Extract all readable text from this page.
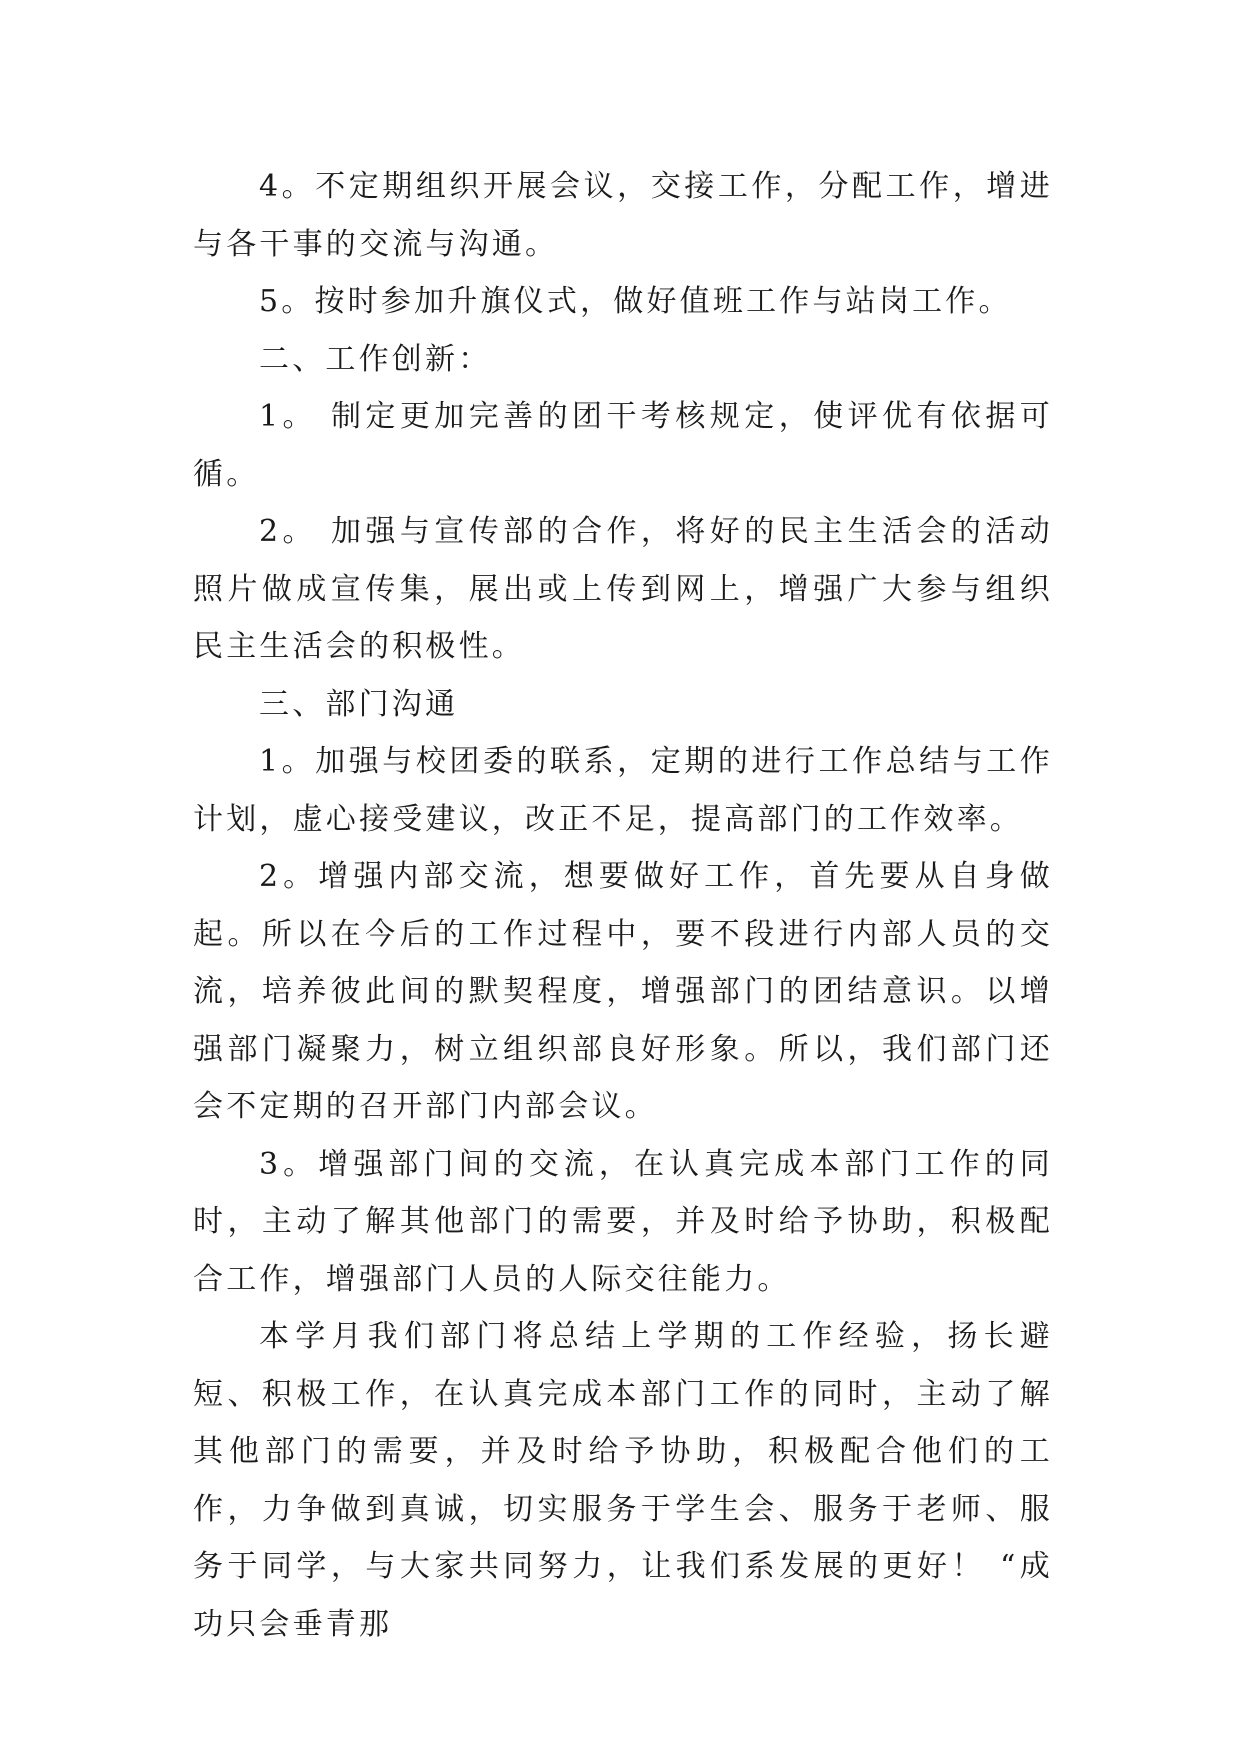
4。不定期组织开展会议，交接工作，分配工作，增进与各干事的交流与沟通。

5。按时参加升旗仪式，做好值班工作与站岗工作。

二、工作创新：

1。 制定更加完善的团干考核规定，使评优有依据可循。

2。 加强与宣传部的合作，将好的民主生活会的活动照片做成宣传集，展出或上传到网上，增强广大参与组织民主生活会的积极性。

三、部门沟通

1。加强与校团委的联系，定期的进行工作总结与工作计划，虚心接受建议，改正不足，提高部门的工作效率。

2。增强内部交流，想要做好工作，首先要从自身做起。所以在今后的工作过程中，要不段进行内部人员的交流，培养彼此间的默契程度，增强部门的团结意识。以增强部门凝聚力，树立组织部良好形象。所以，我们部门还会不定期的召开部门内部会议。

3。增强部门间的交流，在认真完成本部门工作的同时，主动了解其他部门的需要，并及时给予协助，积极配合工作，增强部门人员的人际交往能力。

本学月我们部门将总结上学期的工作经验，扬长避短、积极工作，在认真完成本部门工作的同时，主动了解其他部门的需要，并及时给予协助，积极配合他们的工作，力争做到真诚，切实服务于学生会、服务于老师、服务于同学，与大家共同努力，让我们系发展的更好！ “成功只会垂青那
